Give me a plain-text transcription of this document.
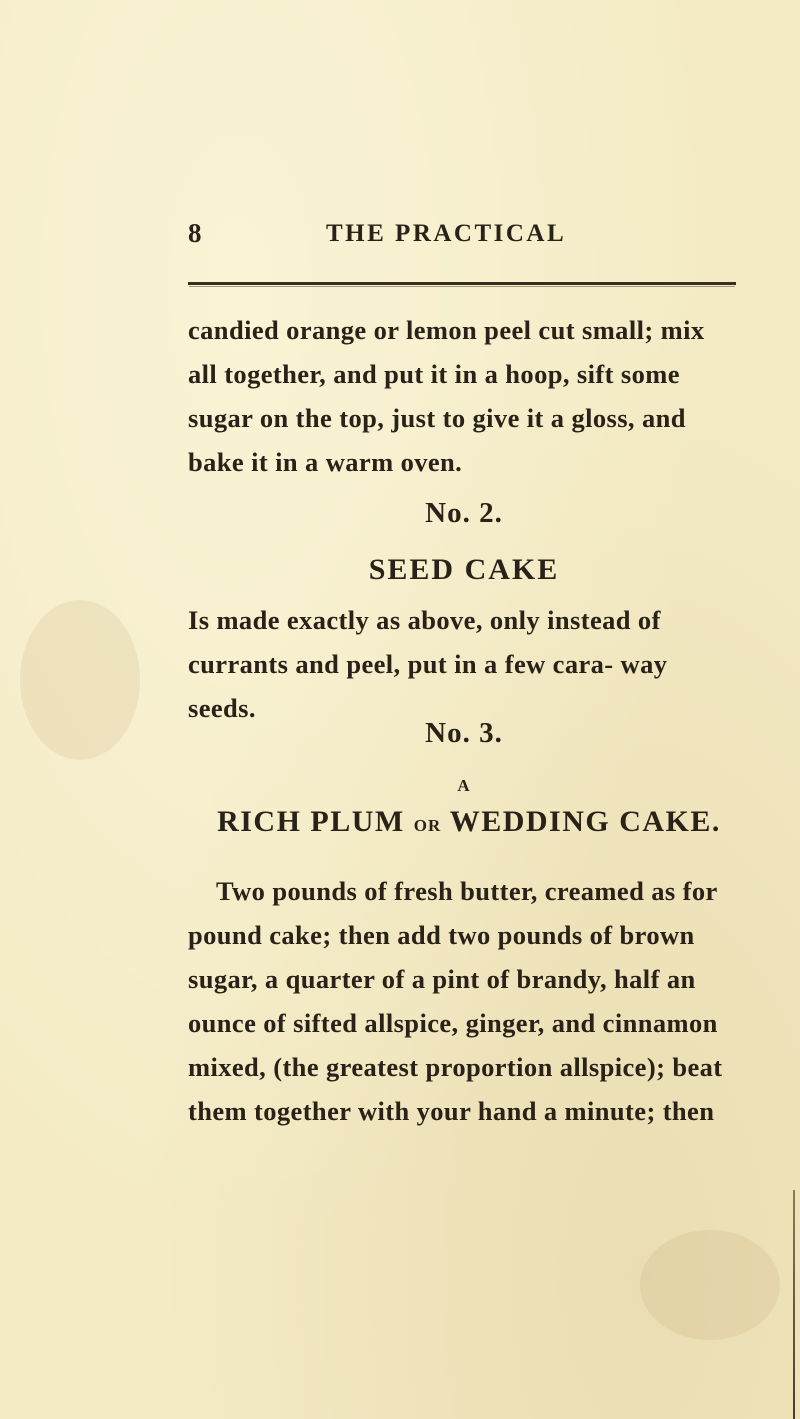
8	THE PRACTICAL

candied orange or lemon peel cut small; mix all together, and put it in a hoop, sift some sugar on the top, just to give it a gloss, and bake it in a warm oven.

No. 2.
SEED CAKE

Is made exactly as above, only instead of currants and peel, put in a few cara- way seeds.

No. 3.
A
RICH PLUM OR WEDDING CAKE.

Two pounds of fresh butter, creamed as for pound cake; then add two pounds of brown sugar, a quarter of a pint of brandy, half an ounce of sifted allspice, ginger, and cinnamon mixed, (the greatest proportion allspice); beat them together with your hand a minute; then
